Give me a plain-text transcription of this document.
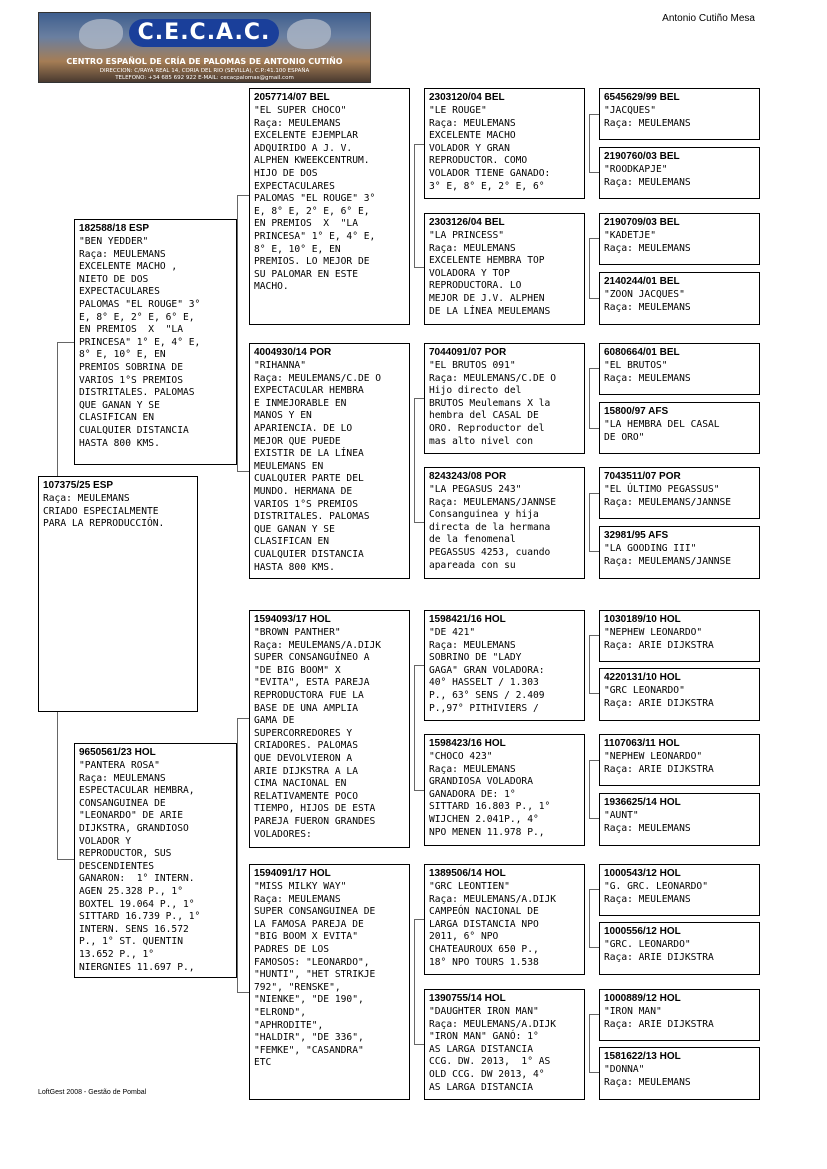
C.E.C.A.C.
CENTRO ESPAÑOL DE CRÍA DE PALOMAS DE ANTONIO CUTIÑO
DIRECCION: C/RAYA REAL 14, CORIA DEL RIO (SEVILLA), C.P.:41.100 ESPAÑA
TELEFONO: +34 685 692 922 E-MAIL: cecacpalomas@gmail.com
Antonio Cutiño Mesa
107375/25 ESP
Raça: MEULEMANS
CRIADO ESPECIALMENTE
PARA LA REPRODUCCIÓN.
182588/18 ESP
"BEN YEDDER"
Raça: MEULEMANS
EXCELENTE MACHO ,
NIETO DE DOS
EXPECTACULARES
PALOMAS "EL ROUGE" 3°
E, 8° E, 2° E, 6° E,
EN PREMIOS  X  "LA
PRINCESA" 1° E, 4° E,
8° E, 10° E, EN
PREMIOS SOBRINA DE
VARIOS 1°S PREMIOS
DISTRITALES. PALOMAS
QUE GANAN Y SE
CLASIFICAN EN
CUALQUIER DISTANCIA
HASTA 800 KMS.
9650561/23 HOL
"PANTERA ROSA"
Raça: MEULEMANS
ESPECTACULAR HEMBRA,
CONSANGUINEA DE
"LEONARDO" DE ARIE
DIJKSTRA, GRANDIOSO
VOLADOR Y
REPRODUCTOR, SUS
DESCENDIENTES
GANARON:  1° INTERN.
AGEN 25.328 P., 1°
BOXTEL 19.064 P., 1°
SITTARD 16.739 P., 1°
INTERN. SENS 16.572
P., 1° ST. QUENTIN
13.652 P., 1°
NIERGNIES 11.697 P.,
2057714/07 BEL
"EL SUPER CHOCO"
Raça: MEULEMANS
EXCELENTE EJEMPLAR
ADQUIRIDO A J. V.
ALPHEN KWEEKCENTRUM.
HIJO DE DOS
EXPECTACULARES
PALOMAS "EL ROUGE" 3°
E, 8° E, 2° E, 6° E,
EN PREMIOS  X  "LA
PRINCESA" 1° E, 4° E,
8° E, 10° E, EN
PREMIOS. LO MEJOR DE
SU PALOMAR EN ESTE
MACHO.
4004930/14 POR
"RIHANNA"
Raça: MEULEMANS/C.DE O
EXPECTACULAR HEMBRA
E INMEJORABLE EN
MANOS Y EN
APARIENCIA. DE LO
MEJOR QUE PUEDE
EXISTIR DE LA LÍNEA
MEULEMANS EN
CUALQUIER PARTE DEL
MUNDO. HERMANA DE
VARIOS 1°S PREMIOS
DISTRITALES. PALOMAS
QUE GANAN Y SE
CLASIFICAN EN
CUALQUIER DISTANCIA
HASTA 800 KMS.
1594093/17 HOL
"BROWN PANTHER"
Raça: MEULEMANS/A.DIJK
SUPER CONSANGUÍNEO A
"DE BIG BOOM" X
"EVITA", ESTA PAREJA
REPRODUCTORA FUE LA
BASE DE UNA AMPLIA
GAMA DE
SUPERCORREDORES Y
CRIADORES. PALOMAS
QUE DEVOLVIERON A
ARIE DIJKSTRA A LA
CIMA NACIONAL EN
RELATIVAMENTE POCO
TIEMPO, HIJOS DE ESTA
PAREJA FUERON GRANDES
VOLADORES:
1594091/17 HOL
"MISS MILKY WAY"
Raça: MEULEMANS
SUPER CONSANGUINEA DE
LA FAMOSA PAREJA DE
"BIG BOOM X EVITA"
PADRES DE LOS
FAMOSOS: "LEONARDO",
"HUNTI", "HET STRIKJE
792", "RENSKE",
"NIENKE", "DE 190",
"ELROND",
"APHRODITE",
"HALDIR", "DE 336",
"FEMKE", "CASANDRA"
ETC
2303120/04 BEL
"LE ROUGE"
Raça: MEULEMANS
EXCELENTE MACHO
VOLADOR Y GRAN
REPRODUCTOR. COMO
VOLADOR TIENE GANADO:
3° E, 8° E, 2° E, 6°
2303126/04 BEL
"LA PRINCESS"
Raça: MEULEMANS
EXCELENTE HEMBRA TOP
VOLADORA Y TOP
REPRODUCTORA. LO
MEJOR DE J.V. ALPHEN
DE LA LÍNEA MEULEMANS
7044091/07 POR
"EL BRUTOS 091"
Raça: MEULEMANS/C.DE O
Hijo directo del
BRUTOS Meulemans X la
hembra del CASAL DE
ORO. Reproductor del
mas alto nivel con
8243243/08 POR
"LA PEGASUS 243"
Raça: MEULEMANS/JANNSE
Consanguinea y hija
directa de la hermana
de la fenomenal
PEGASSUS 4253, cuando
apareada con su
1598421/16 HOL
"DE 421"
Raça: MEULEMANS
SOBRINO DE "LADY
GAGA" GRAN VOLADORA:
40° HASSELT / 1.303
P., 63° SENS / 2.409
P.,97° PITHIVIERS /
1598423/16 HOL
"CHOCO 423"
Raça: MEULEMANS
GRANDIOSA VOLADORA
GANADORA DE: 1°
SITTARD 16.803 P., 1°
WIJCHEN 2.041P., 4°
NPO MENEN 11.978 P.,
1389506/14 HOL
"GRC LEONTIEN"
Raça: MEULEMANS/A.DIJK
CAMPEÓN NACIONAL DE
LARGA DISTANCIA NPO
2011, 6° NPO
CHATEAUROUX 650 P.,
18° NPO TOURS 1.538
1390755/14 HOL
"DAUGHTER IRON MAN"
Raça: MEULEMANS/A.DIJK
"IRON MAN" GANÓ: 1°
AS LARGA DISTANCIA
CCG. DW. 2013,  1° AS
OLD CCG. DW 2013, 4°
AS LARGA DISTANCIA
6545629/99 BEL
"JACQUES"
Raça: MEULEMANS
2190760/03 BEL
"ROODKAPJE"
Raça: MEULEMANS
2190709/03 BEL
"KADETJE"
Raça: MEULEMANS
2140244/01 BEL
"ZOON JACQUES"
Raça: MEULEMANS
6080664/01 BEL
"EL BRUTOS"
Raça: MEULEMANS
15800/97 AFS
"LA HEMBRA DEL CASAL
DE ORO"
7043511/07 POR
"EL ÚLTIMO PEGASSUS"
Raça: MEULEMANS/JANNSE
32981/95 AFS
"LA GOODING III"
Raça: MEULEMANS/JANNSE
1030189/10 HOL
"NEPHEW LEONARDO"
Raça: ARIE DIJKSTRA
4220131/10 HOL
"GRC LEONARDO"
Raça: ARIE DIJKSTRA
1107063/11 HOL
"NEPHEW LEONARDO"
Raça: ARIE DIJKSTRA
1936625/14 HOL
"AUNT"
Raça: MEULEMANS
1000543/12 HOL
"G. GRC. LEONARDO"
Raça: MEULEMANS
1000556/12 HOL
"GRC. LEONARDO"
Raça: ARIE DIJKSTRA
1000889/12 HOL
"IRON MAN"
Raça: ARIE DIJKSTRA
1581622/13 HOL
"DONNA"
Raça: MEULEMANS
LoftGest 2008 - Gestão de Pombal
